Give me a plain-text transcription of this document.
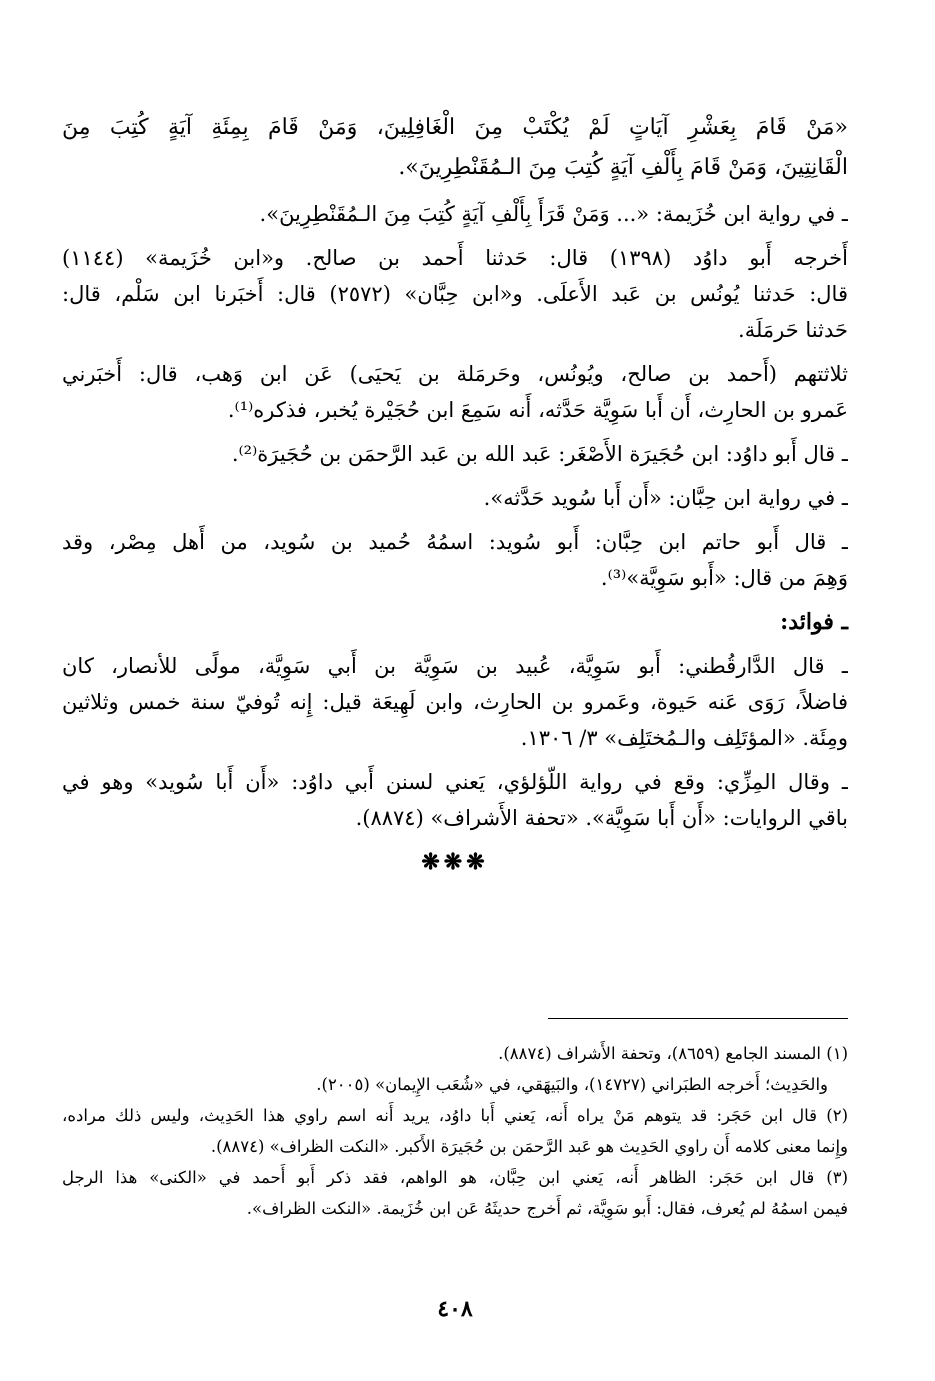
«مَنْ قَامَ بِعَشْرِ آيَاتٍ لَمْ يُكْتَبْ مِنَ الْغَافِلِينَ، وَمَنْ قَامَ بِمِئَةِ آيَةٍ كُتِبَ مِنَ
الْقَانِتِينَ، وَمَنْ قَامَ بِأَلْفِ آيَةٍ كُتِبَ مِنَ الـمُقَنْطِرِينَ».
ـ في رواية ابن خُزَيمة: «... وَمَنْ قَرَأَ بِأَلْفِ آيَةٍ كُتِبَ مِنَ الـمُقَنْطِرِينَ».
أَخرجه أَبو داوُد (١٣٩٨) قال: حَدثنا أَحمد بن صالح. و«ابن خُزَيمة» (١١٤٤)
قال: حَدثنا يُونُس بن عَبد الأَعلَى. و«ابن حِبَّان» (٢٥٧٢) قال: أَخبَرنا ابن سَلْم، قال:
حَدثنا حَرمَلَة.
ثلاثتهم (أَحمد بن صالح، ويُونُس، وحَرمَلة بن يَحيَى) عَن ابن وَهب، قال: أَخبَرني
عَمرو بن الحارِث، أَن أَبا سَوِيَّة حَدَّثه، أَنه سَمِعَ ابن حُجَيْرة يُخبر، فذكره⁽¹⁾.
ـ قال أَبو داوُد: ابن حُجَيرَة الأَصْغَر: عَبد الله بن عَبد الرَّحمَن بن حُجَيرَة⁽²⁾.
ـ في رواية ابن حِبَّان: «أَن أَبا سُويد حَدَّثه».
ـ قال أَبو حاتم ابن حِبَّان: أَبو سُويد: اسمُهُ حُميد بن سُويد، من أَهل مِصْر، وقد
وَهِمَ من قال: «أَبو سَوِيَّة»⁽³⁾.
ـ فوائد:
ـ قال الدَّارقُطني: أَبو سَوِيَّة، عُبيد بن سَوِيَّة بن أَبي سَوِيَّة، مولًى للأنصار، كان
فاضلاً، رَوَى عَنه حَيوة، وعَمرو بن الحارِث، وابن لَهِيعَة قيل: إِنه تُوفيّ سنة خمس وثلاثين
ومِئَة. «المؤتَلِف والـمُختَلِف» ٣/ ١٣٠٦.
ـ وقال المِزِّي: وقع في رواية اللّؤلؤي، يَعني لسنن أَبي داوُد: «أَن أَبا سُويد» وهو في
باقي الروايات: «أَن أَبا سَوِيَّة». «تحفة الأَشراف» (٨٨٧٤).
❋❋❋
(١) المسند الجامع (٨٦٥٩)، وتحفة الأَشراف (٨٨٧٤).
والحَدِيث؛ أَخرجه الطبَراني (١٤٧٢٧)، والبَيهَقي، في «شُعَب الإِيمان» (٢٠٠٥).
(٢) قال ابن حَجَر: قد يتوهم مَنْ يراه أَنه، يَعني أَبا داوُد، يريد أَنه اسم راوي هذا الحَدِيث، وليس ذلك مراده،
وإِنما معنى كلامه أَن راوي الحَدِيث هو عَبد الرَّحمَن بن حُجَيرَة الأَكبر. «النكت الظراف» (٨٨٧٤).
(٣) قال ابن حَجَر: الظاهر أَنه، يَعني ابن حِبَّان، هو الواهم، فقد ذكر أَبو أَحمد في «الكنى» هذا الرجل
فيمن اسمُهُ لم يُعرف، فقال: أَبو سَوِيَّة، ثم أَخرج حديثَهُ عَن ابن خُزَيمة. «النكت الظراف».
٤٠٨
